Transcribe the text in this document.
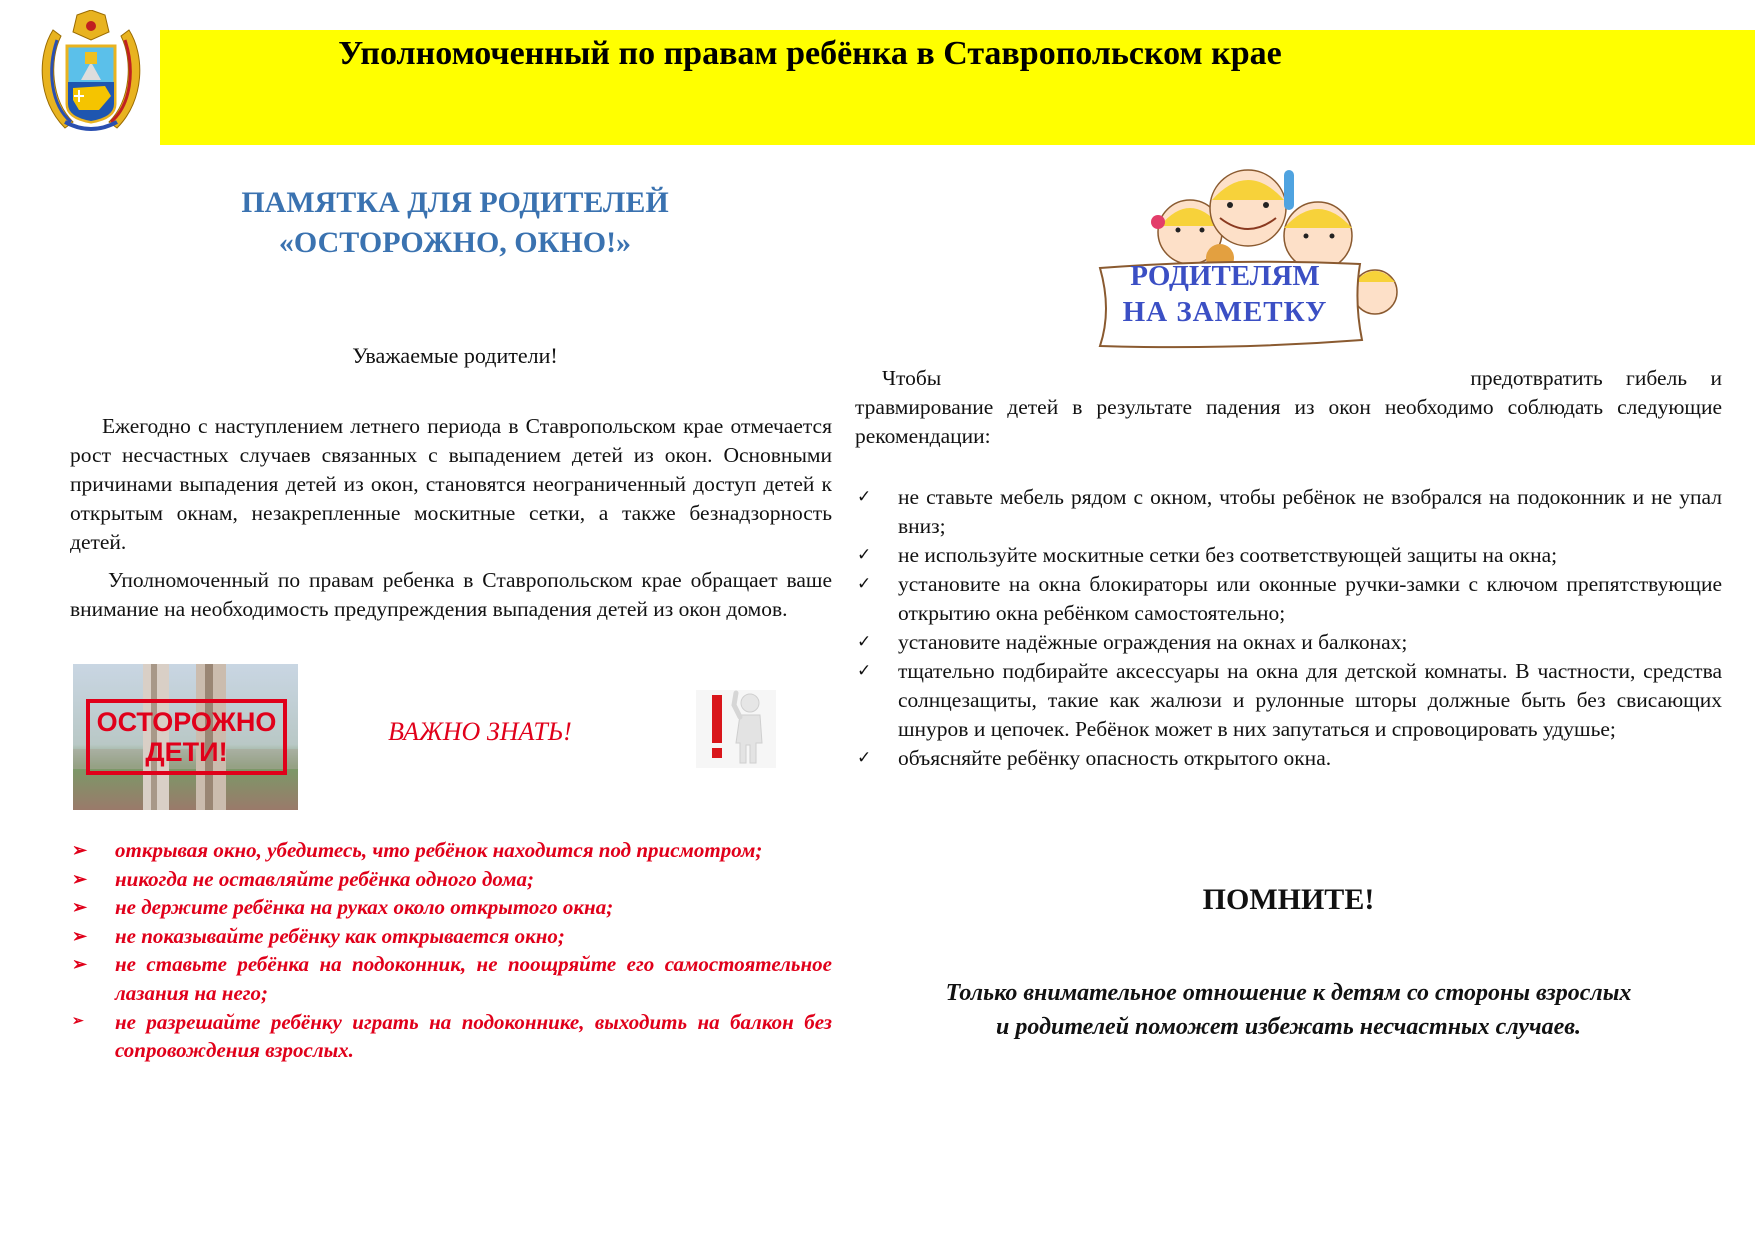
Уполномоченный по правам ребёнка в Ставропольском крае
ПАМЯТКА ДЛЯ РОДИТЕЛЕЙ
«ОСТОРОЖНО, ОКНО!»
Уважаемые родители!

Ежегодно с наступлением летнего периода в Ставропольском крае отмечается рост несчастных случаев связанных с выпадением детей из окон. Основными причинами выпадения детей из окон, становятся неограниченный доступ детей к открытым окнам, незакрепленные москитные сетки, а также безнадзорность детей.

Уполномоченный по правам ребенка в Ставропольском крае обращает ваше внимание на необходимость предупреждения выпадения детей из окон домов.

ОСТОРОЖНО
ДЕТИ!
ВАЖНО ЗНАТЬ!
➢ открывая окно, убедитесь, что ребёнок находится под присмотром;
➢ никогда не оставляйте ребёнка одного дома;
➢ не держите ребёнка на руках около открытого окна;
➢ не показывайте ребёнку как открывается окно;
➢ не ставьте ребёнка на подоконник, не поощряйте его самостоятельное лазания на него;
➢ не разрешайте ребёнку играть на подоконнике, выходить на балкон без сопровождения взрослых.
РОДИТЕЛЯМ
НА ЗАМЕТКУ
Чтобы	предотвратить гибель и
травмирование детей в результате падения из окон необходимо соблюдать следующие рекомендации:
✓ не ставьте мебель рядом с окном, чтобы ребёнок не взобрался на подоконник и не упал вниз;
✓ не используйте москитные сетки без соответствующей защиты на окна;
✓ установите на окна блокираторы или оконные ручки-замки с ключом препятствующие открытию окна ребёнком самостоятельно;
✓ установите надёжные ограждения на окнах и балконах;
✓ тщательно подбирайте аксессуары на окна для детской комнаты. В частности, средства солнцезащиты, такие как жалюзи и рулонные шторы должные быть без свисающих шнуров и цепочек. Ребёнок может в них запутаться и спровоцировать удушье;
✓ объясняйте ребёнку опасность открытого окна.
ПОМНИТЕ!
Только внимательное отношение к детям со стороны взрослых
и родителей поможет избежать несчастных случаев.
